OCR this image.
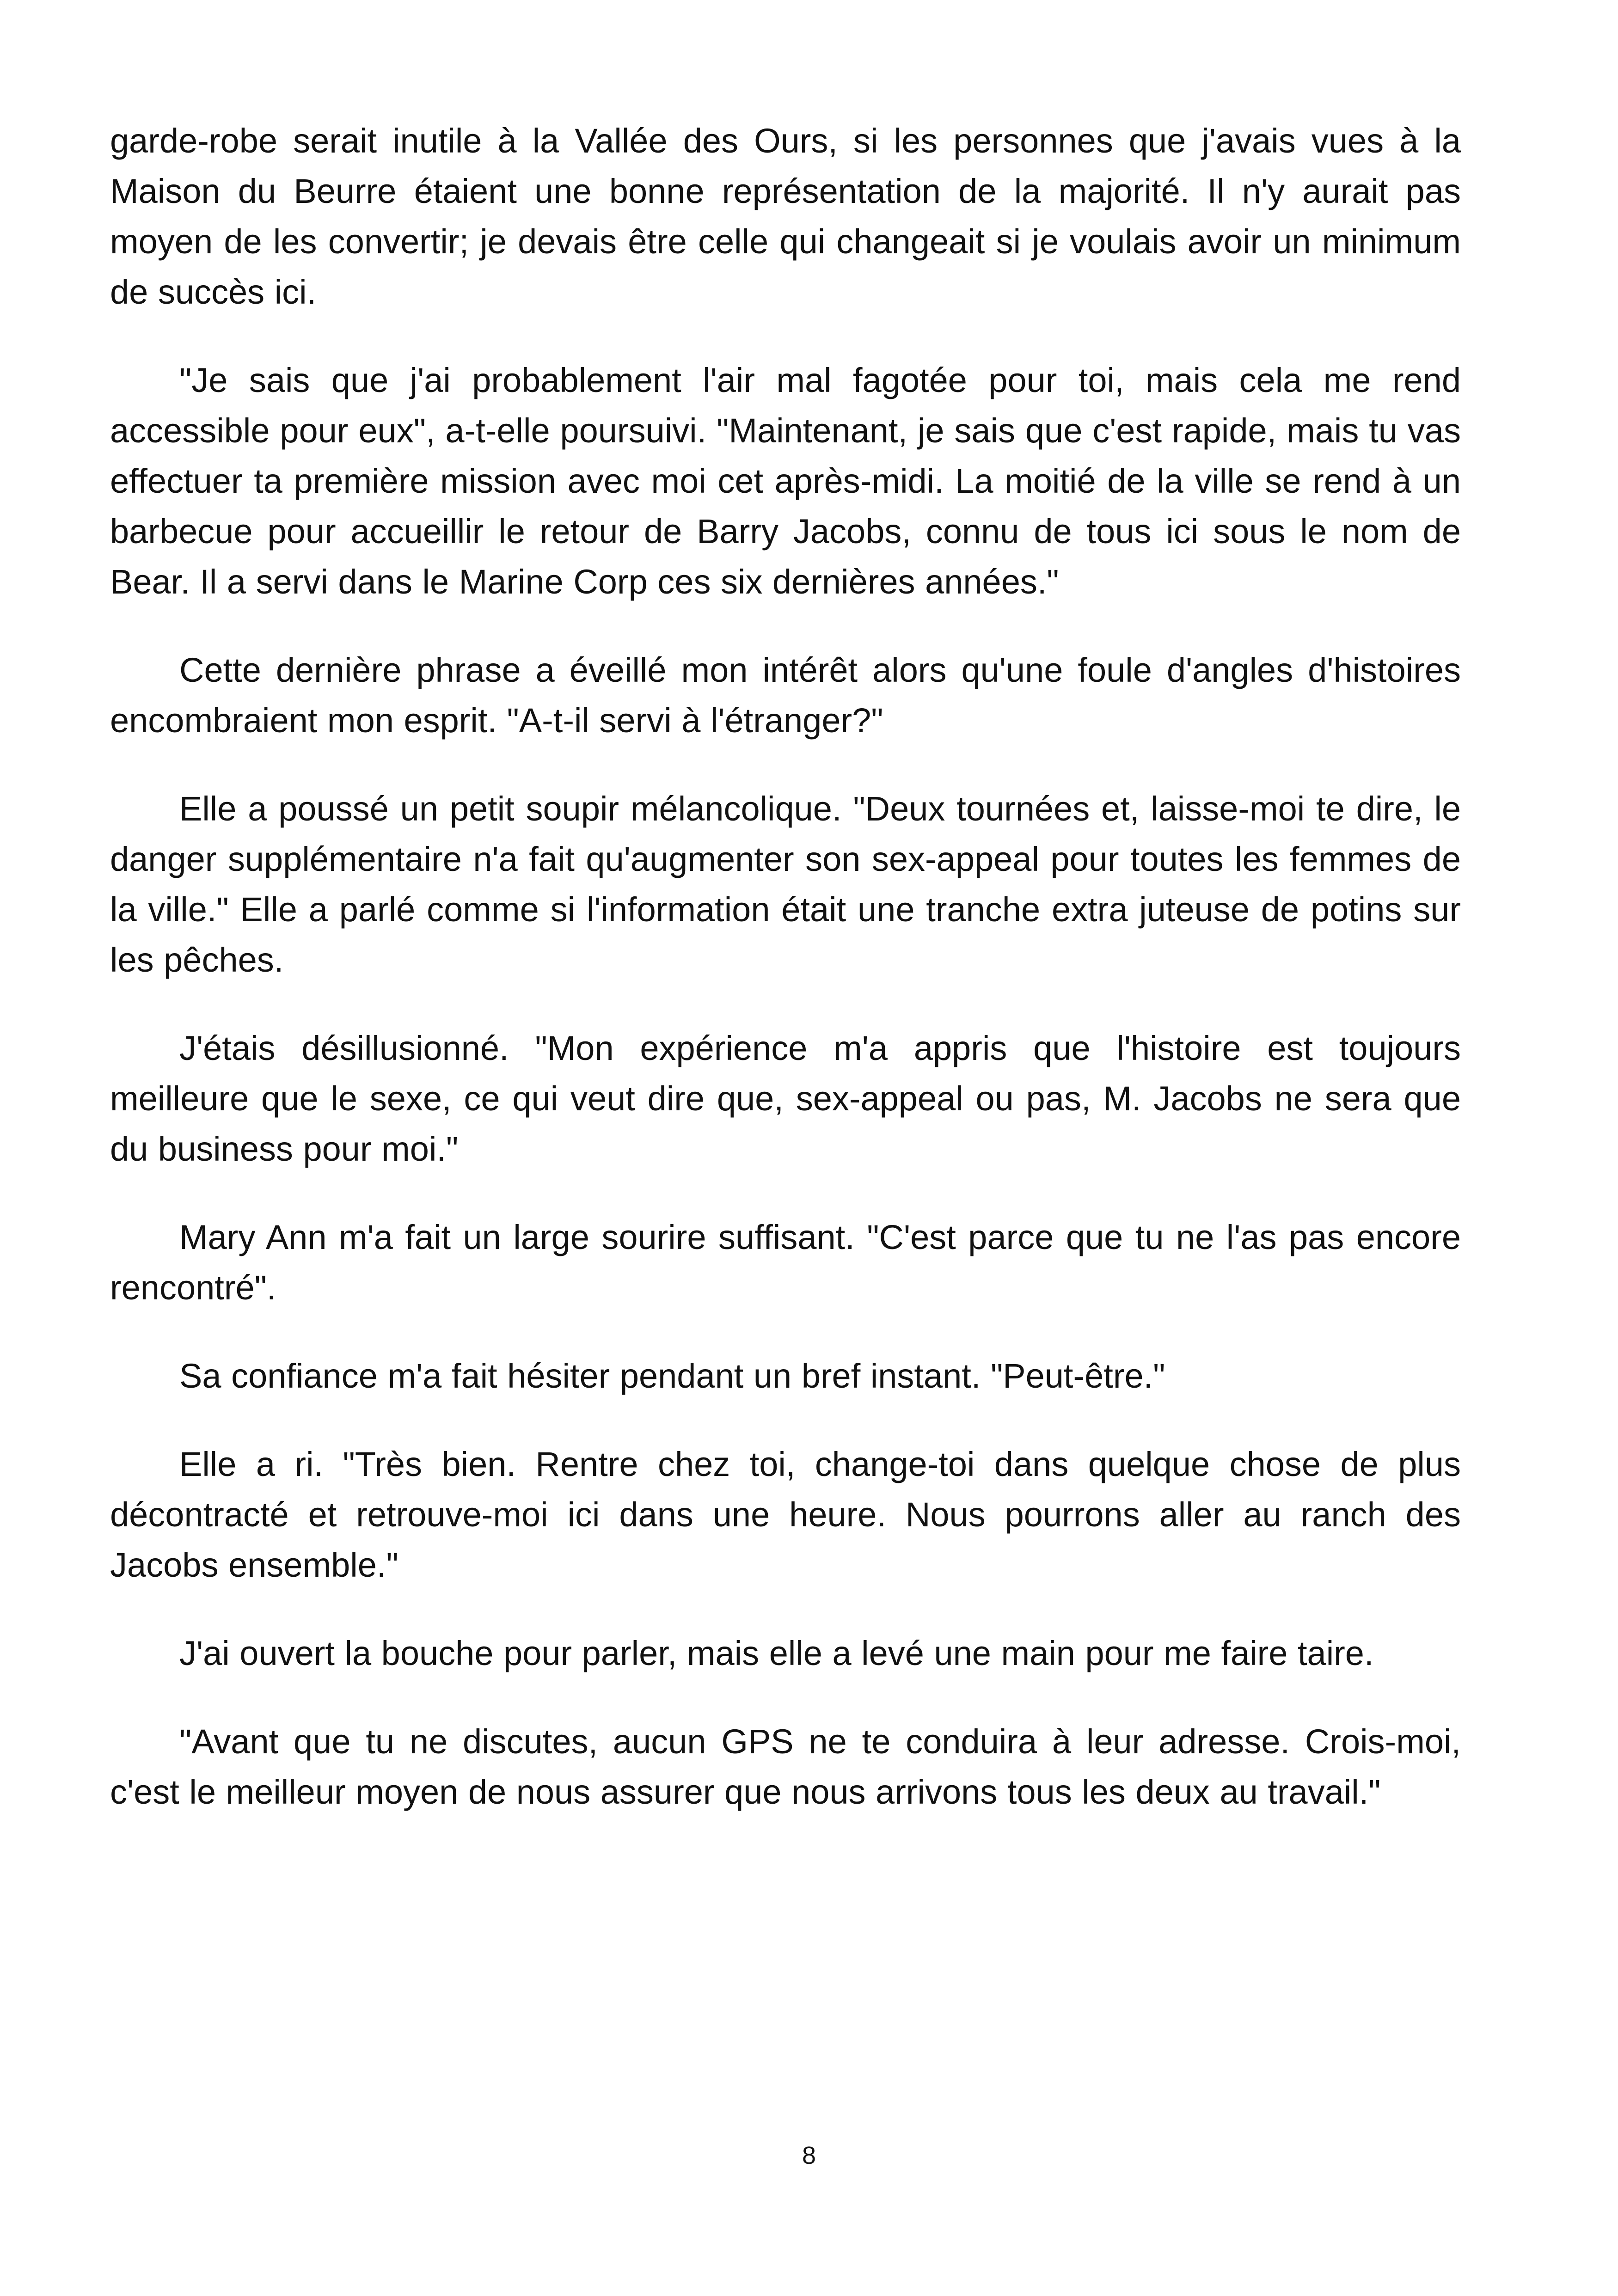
garde-robe serait inutile à la Vallée des Ours, si les personnes que j'avais vues à la Maison du Beurre étaient une bonne représentation de la majorité. Il n'y aurait pas moyen de les convertir; je devais être celle qui changeait si je voulais avoir un minimum de succès ici.

"Je sais que j'ai probablement l'air mal fagotée pour toi, mais cela me rend accessible pour eux", a-t-elle poursuivi. "Maintenant, je sais que c'est rapide, mais tu vas effectuer ta première mission avec moi cet après-midi. La moitié de la ville se rend à un barbecue pour accueillir le retour de Barry Jacobs, connu de tous ici sous le nom de Bear. Il a servi dans le Marine Corp ces six dernières années."

Cette dernière phrase a éveillé mon intérêt alors qu'une foule d'angles d'histoires encombraient mon esprit. "A-t-il servi à l'étranger?"

Elle a poussé un petit soupir mélancolique. "Deux tournées et, laisse-moi te dire, le danger supplémentaire n'a fait qu'augmenter son sex-appeal pour toutes les femmes de la ville." Elle a parlé comme si l'information était une tranche extra juteuse de potins sur les pêches.

J'étais désillusionné. "Mon expérience m'a appris que l'histoire est toujours meilleure que le sexe, ce qui veut dire que, sex-appeal ou pas, M. Jacobs ne sera que du business pour moi."

Mary Ann m'a fait un large sourire suffisant. "C'est parce que tu ne l'as pas encore rencontré".

Sa confiance m'a fait hésiter pendant un bref instant. "Peut-être."

Elle a ri. "Très bien. Rentre chez toi, change-toi dans quelque chose de plus décontracté et retrouve-moi ici dans une heure. Nous pourrons aller au ranch des Jacobs ensemble."

J'ai ouvert la bouche pour parler, mais elle a levé une main pour me faire taire.

"Avant que tu ne discutes, aucun GPS ne te conduira à leur adresse. Crois-moi, c'est le meilleur moyen de nous assurer que nous arrivons tous les deux au travail."

8
